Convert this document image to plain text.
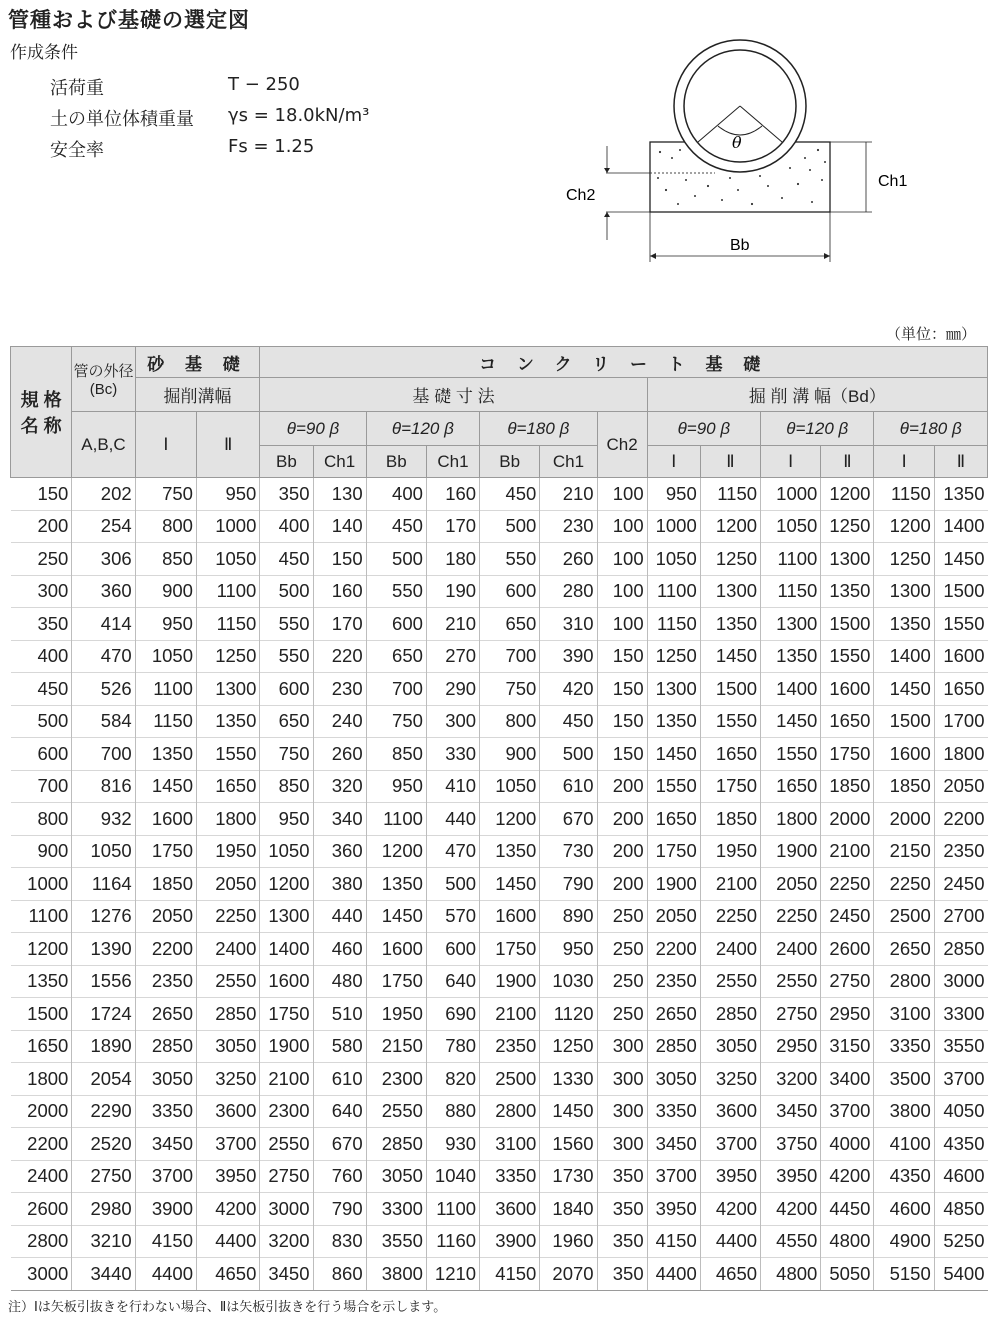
管種および基礎の選定図
作成条件
活荷重	T − 250
土の単位体積重量 γs = 18.0kN/m³
安全率	Fs = 1.25	θ
Ch1
Ch2
Bb
（単位：㎜）
規 格 名 称	管の外径 (Bc)	砂 基 礎		コ ン ク リ ー ト 基 礎												
		掘削溝幅		基 礎 寸 法							掘 削 溝 幅（Bd）					
	A,B,C	Ⅰ	Ⅱ	θ=90 β		θ=120 β		θ=180 β		Ch2	θ=90 β		θ=120 β		θ=180 β	
				Bb	Ch1	Bb	Ch1	Bb	Ch1		Ⅰ	Ⅱ	Ⅰ	Ⅱ	Ⅰ	Ⅱ
150	202	750	950	350	130	400	160	450	210	100	950	1150	1000	1200	1150	1350
200	254	800	1000	400	140	450	170	500	230	100	1000	1200	1050	1250	1200	1400
250	306	850	1050	450	150	500	180	550	260	100	1050	1250	1100	1300	1250	1450
300	360	900	1100	500	160	550	190	600	280	100	1100	1300	1150	1350	1300	1500
350	414	950	1150	550	170	600	210	650	310	100	1150	1350	1300	1500	1350	1550
400	470	1050	1250	550	220	650	270	700	390	150	1250	1450	1350	1550	1400	1600
450	526	1100	1300	600	230	700	290	750	420	150	1300	1500	1400	1600	1450	1650
500	584	1150	1350	650	240	750	300	800	450	150	1350	1550	1450	1650	1500	1700
600	700	1350	1550	750	260	850	330	900	500	150	1450	1650	1550	1750	1600	1800
700	816	1450	1650	850	320	950	410	1050	610	200	1550	1750	1650	1850	1850	2050
800	932	1600	1800	950	340	1100	440	1200	670	200	1650	1850	1800	2000	2000	2200
900	1050	1750	1950	1050	360	1200	470	1350	730	200	1750	1950	1900	2100	2150	2350
1000	1164	1850	2050	1200	380	1350	500	1450	790	200	1900	2100	2050	2250	2250	2450
1100	1276	2050	2250	1300	440	1450	570	1600	890	250	2050	2250	2250	2450	2500	2700
1200	1390	2200	2400	1400	460	1600	600	1750	950	250	2200	2400	2400	2600	2650	2850
1350	1556	2350	2550	1600	480	1750	640	1900	1030	250	2350	2550	2550	2750	2800	3000
1500	1724	2650	2850	1750	510	1950	690	2100	1120	250	2650	2850	2750	2950	3100	3300
1650	1890	2850	3050	1900	580	2150	780	2350	1250	300	2850	3050	2950	3150	3350	3550
1800	2054	3050	3250	2100	610	2300	820	2500	1330	300	3050	3250	3200	3400	3500	3700
2000	2290	3350	3600	2300	640	2550	880	2800	1450	300	3350	3600	3450	3700	3800	4050
2200	2520	3450	3700	2550	670	2850	930	3100	1560	300	3450	3700	3750	4000	4100	4350
2400	2750	3700	3950	2750	760	3050	1040	3350	1730	350	3700	3950	3950	4200	4350	4600
2600	2980	3900	4200	3000	790	3300	1100	3600	1840	350	3950	4200	4200	4450	4600	4850
2800	3210	4150	4400	3200	830	3550	1160	3900	1960	350	4150	4400	4550	4800	4900	5250
3000	3440	4400	4650	3450	860	3800	1210	4150	2070	350	4400	4650	4800	5050	5150	5400
注）Ⅰは矢板引抜きを行わない場合、Ⅱは矢板引抜きを行う場合を示します。
